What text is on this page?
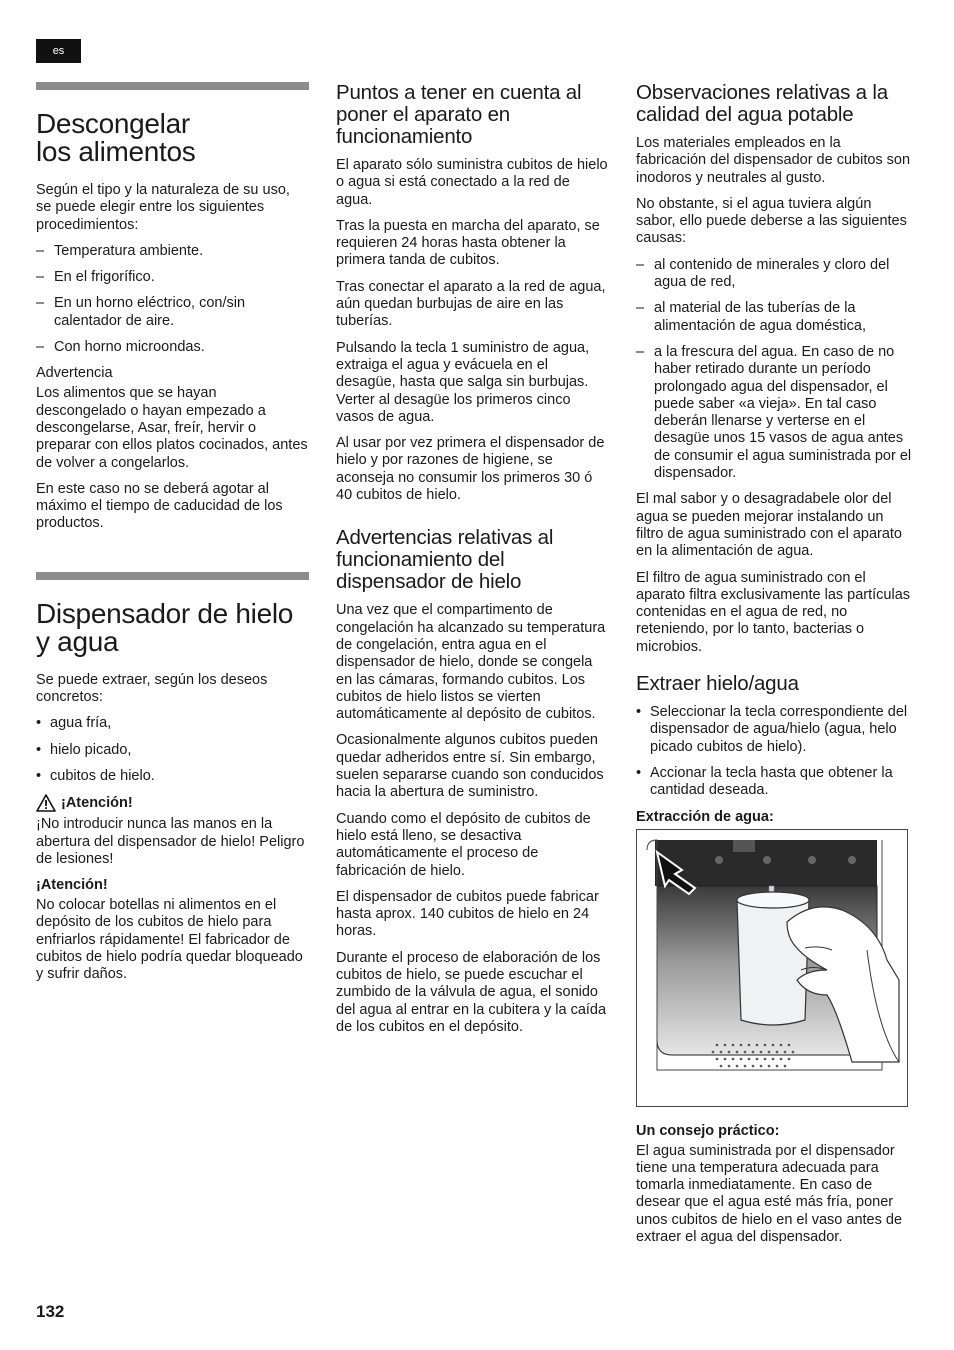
es
Descongelar
los alimentos

Según el tipo y la naturaleza de su uso, se puede elegir entre los siguientes procedimientos:

– Temperatura ambiente.
– En el frigorífico.
– En un horno eléctrico, con/sin calentador de aire.
– Con horno microondas.
Advertencia

Los alimentos que se hayan descongelado o hayan empezado a descongelarse, Asar, freír, hervir o preparar con ellos platos cocinados, antes de volver a congelarlos.

En este caso no se deberá agotar al máximo el tiempo de caducidad de los productos.

Dispensador de hielo
y agua

Se puede extraer, según los deseos concretos:

• agua fría,
• hielo picado,
• cubitos de hielo.
¡Atención!

¡No introducir nunca las manos en la abertura del dispensador de hielo! Peligro de lesiones!

¡Atención!

No colocar botellas ni alimentos en el depósito de los cubitos de hielo para enfriarlos rápidamente! El fabricador de cubitos de hielo podría quedar bloqueado y sufrir daños.

Puntos a tener en cuenta al poner el aparato en funcionamiento

El aparato sólo suministra cubitos de hielo o agua si está conectado a la red de agua.

Tras la puesta en marcha del aparato, se requieren 24 horas hasta obtener la primera tanda de cubitos.

Tras conectar el aparato a la red de agua, aún quedan burbujas de aire en las tuberías.

Pulsando la tecla 1 suministro de agua, extraiga el agua y evácuela en el desagüe, hasta que salga sin burbujas. Verter al desagüe los primeros cinco vasos de agua.

Al usar por vez primera el dispensador de hielo y por razones de higiene, se aconseja no consumir los primeros 30 ó 40 cubitos de hielo.

Advertencias relativas al funcionamiento del dispensador de hielo

Una vez que el compartimento de congelación ha alcanzado su temperatura de congelación, entra agua en el dispensador de hielo, donde se congela en las cámaras, formando cubitos. Los cubitos de hielo listos se vierten automáticamente al depósito de cubitos.

Ocasionalmente algunos cubitos pueden quedar adheridos entre sí. Sin embargo, suelen separarse cuando son conducidos hacia la abertura de suministro.

Cuando como el depósito de cubitos de hielo está lleno, se desactiva automáticamente el proceso de fabricación de hielo.

El dispensador de cubitos puede fabricar hasta aprox. 140 cubitos de hielo en 24 horas.

Durante el proceso de elaboración de los cubitos de hielo, se puede escuchar el zumbido de la válvula de agua, el sonido del agua al entrar en la cubitera y la caída de los cubitos en el depósito.

Observaciones relativas a la calidad del agua potable

Los materiales empleados en la fabricación del dispensador de cubitos son inodoros y neutrales al gusto.

No obstante, si el agua tuviera algún sabor, ello puede deberse a las siguientes causas:

– al contenido de minerales y cloro del agua de red,
– al material de las tuberías de la alimentación de agua doméstica,
– a la frescura del agua. En caso de no haber retirado durante un período prolongado agua del dispensador, el puede saber «a vieja». En tal caso deberán llenarse y verterse en el desagüe unos 15 vasos de agua antes de consumir el agua suministrada por el dispensador.

El mal sabor y o desagradabele olor del agua se pueden mejorar instalando un filtro de agua suministrado con el aparato en la alimentación de agua.

El filtro de agua suministrado con el aparato filtra exclusivamente las partículas contenidas en el agua de red, no reteniendo, por lo tanto, bacterias o microbios.

Extraer hielo/agua
• Seleccionar la tecla correspondiente del dispensador de agua/hielo (agua, helo picado cubitos de hielo).
• Accionar la tecla hasta que obtener la cantidad deseada.
Extracción de agua:
Un consejo práctico:

El agua suministrada por el dispensador tiene una temperatura adecuada para tomarla inmediatamente. En caso de desear que el agua esté más fría, poner unos cubitos de hielo en el vaso antes de extraer el agua del dispensador.

132
